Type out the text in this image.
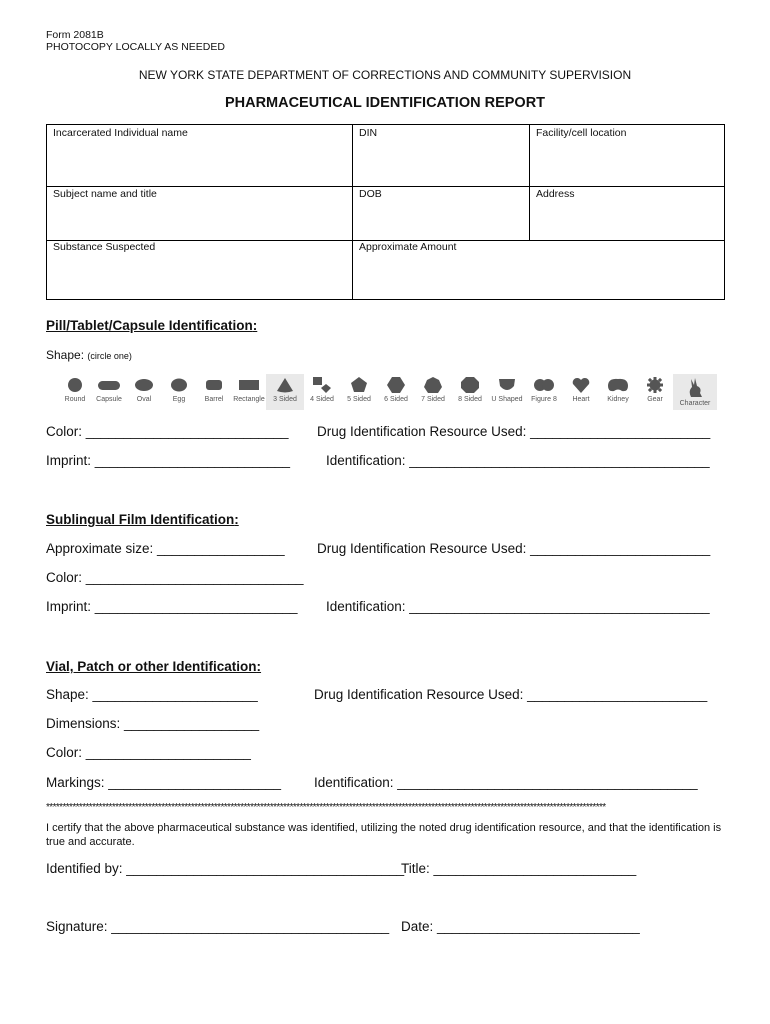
Form 2081B
PHOTOCOPY LOCALLY AS NEEDED
NEW YORK STATE DEPARTMENT OF CORRECTIONS AND COMMUNITY SUPERVISION
PHARMACEUTICAL IDENTIFICATION REPORT
Incarcerated Individual name	DIN	Facility/cell location
Subject name and title	DOB	Address
Substance Suspected	Approximate Amount
Pill/Tablet/Capsule Identification:
Shape: (circle one)
Round	Capsule	Oval	Egg	Barrel	Rectangle	3 Sided	4 Sided	5 Sided	6 Sided	7 Sided	8 Sided	U Shaped	Figure 8	Heart	Kidney	Gear
Character
Color: ___________________________ Drug Identification Resource Used: ________________________
Imprint: __________________________	Identification: ________________________________________
Sublingual Film Identification:
Approximate size: _________________ Drug Identification Resource Used: ________________________
Color: _____________________________
Imprint: ___________________________ Identification: ________________________________________
Vial, Patch or other Identification:
Shape: ______________________	Drug Identification Resource Used: ________________________
Dimensions: __________________
Color: ______________________
Markings: _______________________ Identification: ________________________________________
**************************************************************************************************************************************************************************
I certify that the above pharmaceutical substance was identified, utilizing the noted drug identification resource, and that the identification is true and accurate.
Identified by: _____________________________________
Title: ___________________________
Signature: _____________________________________ Date: ___________________________
